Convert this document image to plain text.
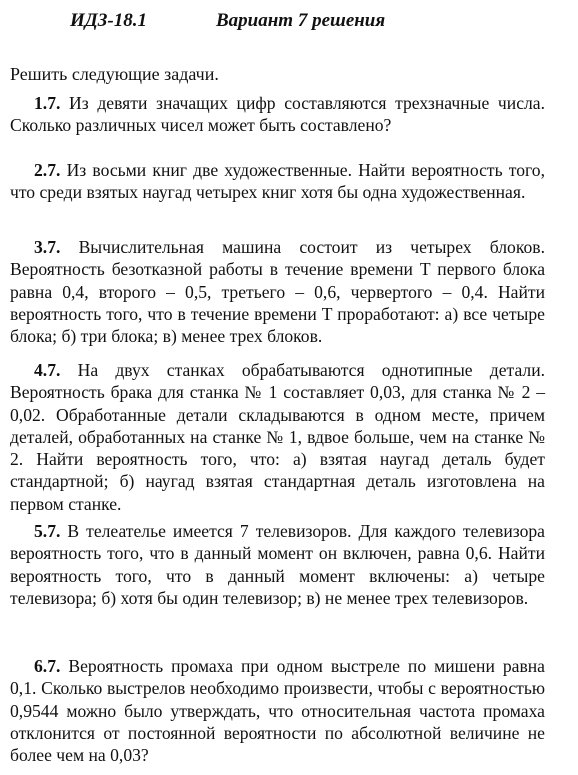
ИДЗ-18.1	Вариант 7 решения
Решить следующие задачи.

1.7. Из девяти значащих цифр составляются трехзначные числа. Сколько различных чисел может быть составлено?

2.7. Из восьми книг две художественные. Найти вероятность того, что среди взятых наугад четырех книг хотя бы одна художественная.

3.7. Вычислительная машина состоит из четырех блоков. Вероятность безотказной работы в течение времени T первого блока равна 0,4, второго – 0,5, третьего – 0,6, червертого – 0,4. Найти вероятность того, что в течение времени T проработают: а) все четыре блока; б) три блока; в) менее трех блоков.

4.7. На двух станках обрабатываются однотипные детали. Вероятность брака для станка № 1 составляет 0,03, для станка № 2 – 0,02. Обработанные детали складываются в одном месте, причем деталей, обработанных на станке № 1, вдвое больше, чем на станке № 2. Найти вероятность того, что: а) взятая наугад деталь будет стандартной; б) наугад взятая стандартная деталь изготовлена на первом станке.

5.7. В телеателье имеется 7 телевизоров. Для каждого телевизора вероятность того, что в данный момент он включен, равна 0,6. Найти вероятность того, что в данный момент включены: а) четыре телевизора; б) хотя бы один телевизор; в) не менее трех телевизоров.

6.7. Вероятность промаха при одном выстреле по мишени равна 0,1. Сколько выстрелов необходимо произвести, чтобы с вероятностью 0,9544 можно было утверждать, что относительная частота промаха отклонится от постоянной вероятности по абсолютной величине не более чем на 0,03?
